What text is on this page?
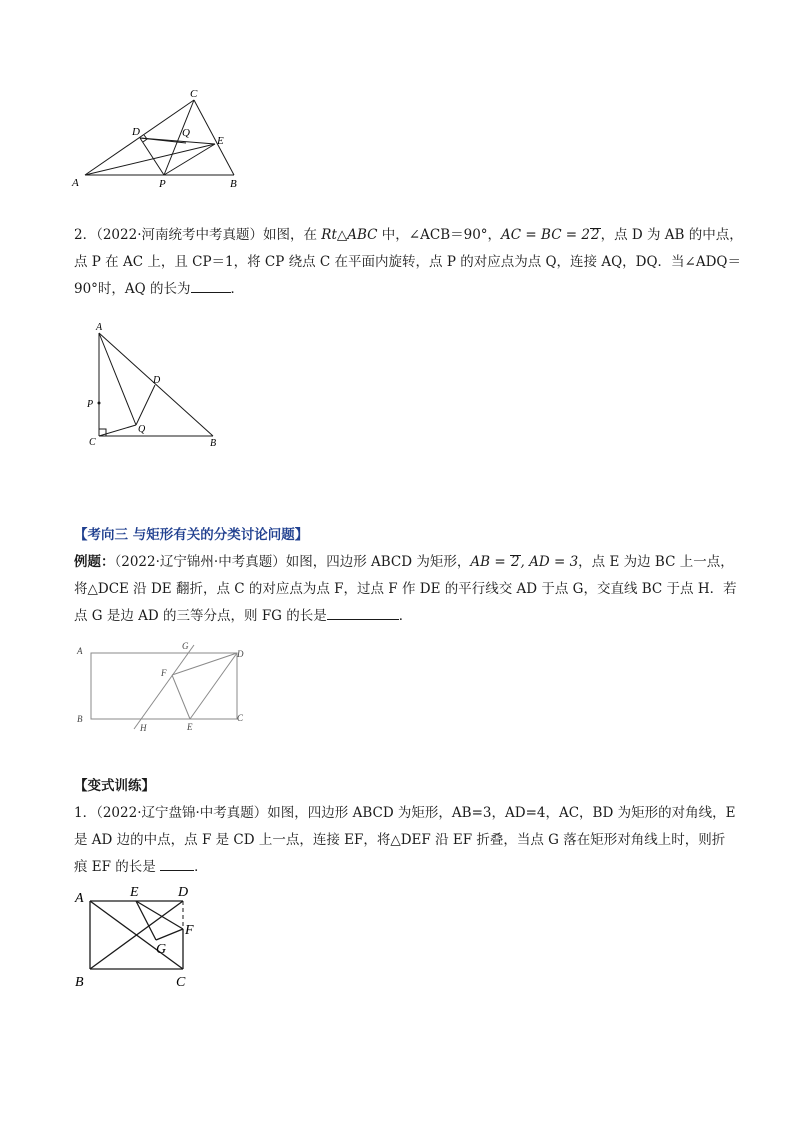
A	B
C
D
E
P
Q
2．（2022·河南统考中考真题）如图，在 Rt△ABC 中，∠ACB＝90°，AC = BC = 22，点 D 为 AB 的中点，
点 P 在 AC 上，且 CP＝1，将 CP 绕点 C 在平面内旋转，点 P 的对应点为点 Q，连接 AQ，DQ．当∠ADQ＝
90°时，AQ 的长为	．
A
B
C
D
P
Q
【考向三 与矩形有关的分类讨论问题】
例题：（2022·辽宁锦州·中考真题）如图，四边形 ABCD 为矩形，AB = 2, AD = 3，点 E 为边 BC 上一点，
将△DCE 沿 DE 翻折，点 C 的对应点为点 F，过点 F 作 DE 的平行线交 AD 于点 G，交直线 BC 于点 H．若
点 G 是边 AD 的三等分点，则 FG 的长是	．
A
B	C
D
E
F
G
H
【变式训练】
1．（2022·辽宁盘锦·中考真题）如图，四边形 ABCD 为矩形，AB=3，AD=4，AC，BD 为矩形的对角线，E
是 AD 边的中点，点 F 是 CD 上一点，连接 EF，将△DEF 沿 EF 折叠，当点 G 落在矩形对角线上时，则折
痕 EF 的长是	．
A
B	C
D
E
F
G
